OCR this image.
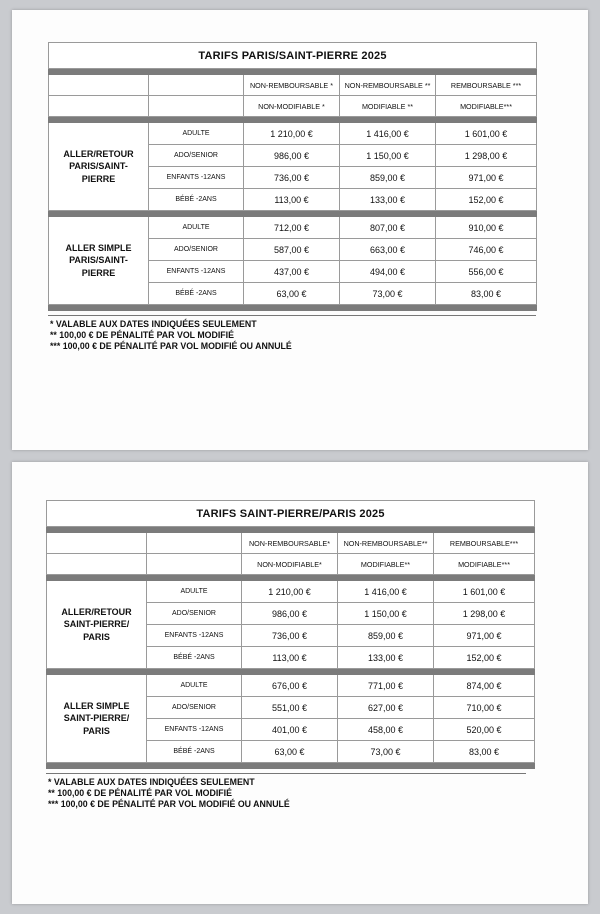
TARIFS PARIS/SAINT-PIERRE 2025				

		NON-REMBOURSABLE *	NON-REMBOURSABLE **	REMBOURSABLE ***
		NON-MODIFIABLE *	MODIFIABLE **	MODIFIABLE***

ALLER/RETOUR
PARIS/SAINT-
PIERRE	ADULTE	1 210,00 €	1 416,00 €	1 601,00 €
	ADO/SENIOR	986,00 €	1 150,00 €	1 298,00 €
	ENFANTS -12ANS	736,00 €	859,00 €	971,00 €
	BÉBÉ -2ANS	113,00 €	133,00 €	152,00 €

ALLER SIMPLE
PARIS/SAINT-
PIERRE	ADULTE	712,00 €	807,00 €	910,00 €
	ADO/SENIOR	587,00 €	663,00 €	746,00 €
	ENFANTS -12ANS	437,00 €	494,00 €	556,00 €
	BÉBÉ -2ANS	63,00 €	73,00 €	83,00 €

* VALABLE AUX DATES INDIQUÉES SEULEMENT
** 100,00 € DE PÉNALITÉ PAR VOL MODIFIÉ
*** 100,00 € DE PÉNALITÉ PAR VOL MODIFIÉ OU ANNULÉ
TARIFS SAINT-PIERRE/PARIS 2025				

		NON-REMBOURSABLE*	NON-REMBOURSABLE**	REMBOURSABLE***
		NON-MODIFIABLE*	MODIFIABLE**	MODIFIABLE***

ALLER/RETOUR
SAINT-PIERRE/
PARIS	ADULTE	1 210,00 €	1 416,00 €	1 601,00 €
	ADO/SENIOR	986,00 €	1 150,00 €	1 298,00 €
	ENFANTS -12ANS	736,00 €	859,00 €	971,00 €
	BÉBÉ -2ANS	113,00 €	133,00 €	152,00 €

ALLER SIMPLE
SAINT-PIERRE/
PARIS	ADULTE	676,00 €	771,00 €	874,00 €
	ADO/SENIOR	551,00 €	627,00 €	710,00 €
	ENFANTS -12ANS	401,00 €	458,00 €	520,00 €
	BÉBÉ -2ANS	63,00 €	73,00 €	83,00 €

* VALABLE AUX DATES INDIQUÉES SEULEMENT
** 100,00 € DE PÉNALITÉ PAR VOL MODIFIÉ
*** 100,00 € DE PÉNALITÉ PAR VOL MODIFIÉ OU ANNULÉ
